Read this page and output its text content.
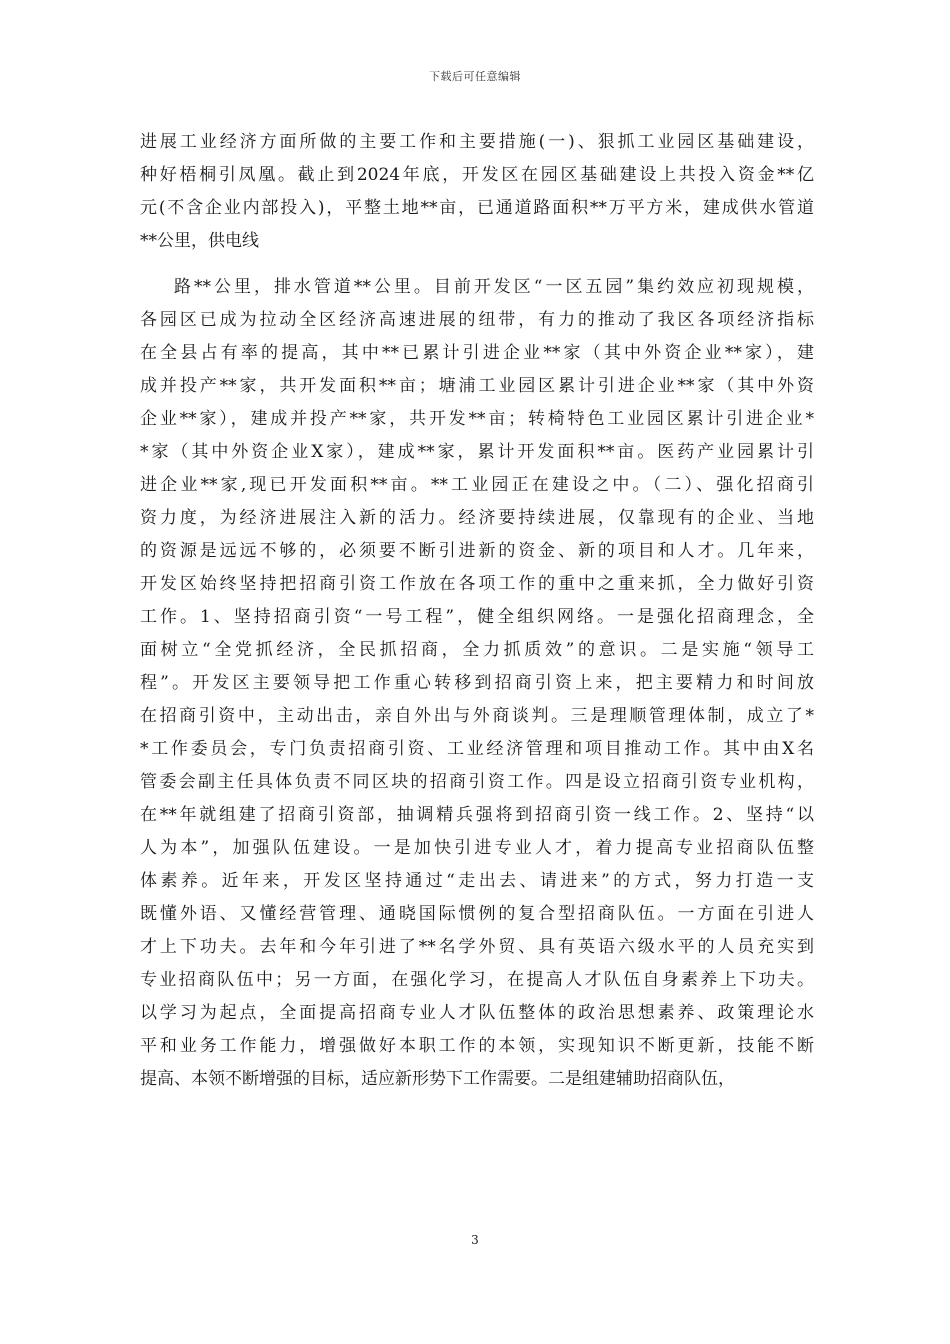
下载后可任意编辑
进展工业经济方面所做的主要工作和主要措施(一)、狠抓工业园区基础建设，
种好梧桐引凤凰。截止到2024年底，开发区在园区基础建设上共投入资金**亿
元(不含企业内部投入)，平整土地**亩，已通道路面积**万平方米，建成供水管道
**公里，供电线
路**公里，排水管道**公里。目前开发区“一区五园”集约效应初现规模，
各园区已成为拉动全区经济高速进展的纽带，有力的推动了我区各项经济指标
在全县占有率的提高，其中**已累计引进企业**家（其中外资企业**家），建
成并投产**家，共开发面积**亩；塘浦工业园区累计引进企业**家（其中外资
企业**家），建成并投产**家，共开发**亩；转椅特色工业园区累计引进企业*
*家（其中外资企业X家），建成**家，累计开发面积**亩。医药产业园累计引
进企业**家,现已开发面积**亩。**工业园正在建设之中。（二）、强化招商引
资力度，为经济进展注入新的活力。经济要持续进展，仅靠现有的企业、当地
的资源是远远不够的，必须要不断引进新的资金、新的项目和人才。几年来，
开发区始终坚持把招商引资工作放在各项工作的重中之重来抓，全力做好引资
工作。1、坚持招商引资“一号工程”，健全组织网络。一是强化招商理念，全
面树立“全党抓经济，全民抓招商，全力抓质效”的意识。二是实施“领导工
程”。开发区主要领导把工作重心转移到招商引资上来，把主要精力和时间放
在招商引资中，主动出击，亲自外出与外商谈判。三是理顺管理体制，成立了*
*工作委员会，专门负责招商引资、工业经济管理和项目推动工作。其中由X名
管委会副主任具体负责不同区块的招商引资工作。四是设立招商引资专业机构，
在**年就组建了招商引资部，抽调精兵强将到招商引资一线工作。2、坚持“以
人为本”，加强队伍建设。一是加快引进专业人才，着力提高专业招商队伍整
体素养。近年来，开发区坚持通过“走出去、请进来”的方式，努力打造一支
既懂外语、又懂经营管理、通晓国际惯例的复合型招商队伍。一方面在引进人
才上下功夫。去年和今年引进了**名学外贸、具有英语六级水平的人员充实到
专业招商队伍中；另一方面，在强化学习，在提高人才队伍自身素养上下功夫。
以学习为起点，全面提高招商专业人才队伍整体的政治思想素养、政策理论水
平和业务工作能力，增强做好本职工作的本领，实现知识不断更新，技能不断
提高、本领不断增强的目标，适应新形势下工作需要。二是组建辅助招商队伍，
3
